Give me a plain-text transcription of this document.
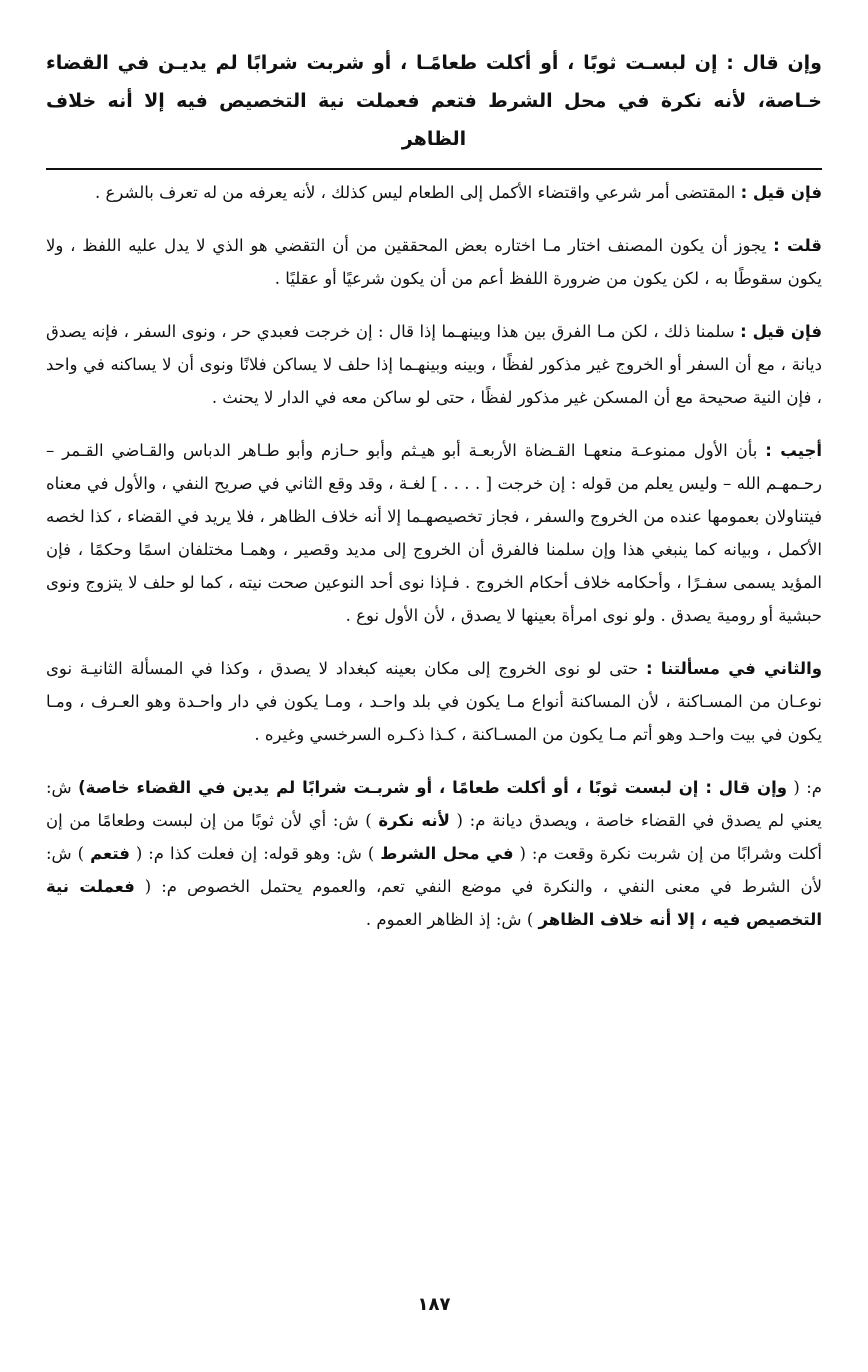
وإن قال : إن لبسـت ثوبًا ، أو أكلت طعامًـا ، أو شربت شرابًا لم يديـن في القضاء خـاصة، لأنه نكرة في محل الشرط فتعم فعملت نية التخصيص فيه إلا أنه خلاف الظاهر

فإن قيل : المقتضى أمر شرعي واقتضاء الأكمل إلى الطعام ليس كذلك ، لأنه يعرفه من له تعرف بالشرع .

قلت : يجوز أن يكون المصنف اختار مـا اختاره بعض المحققين من أن التقضي هو الذي لا يدل عليه اللفظ ، ولا يكون سقوطًا به ، لكن يكون من ضرورة اللفظ أعم من أن يكون شرعيًا أو عقليًا .

فإن قيل : سلمنا ذلك ، لكن مـا الفرق بين هذا وبينهـما إذا قال : إن خرجت فعبدي حر ، ونوى السفر ، فإنه يصدق ديانة ، مع أن السفر أو الخروج غير مذكور لفظًا ، وبينه وبينهـما إذا حلف لا يساكن فلانًا ونوى أن لا يساكنه في واحد ، فإن النية صحيحة مع أن المسكن غير مذكور لفظًا ، حتى لو ساكن معه في الدار لا يحنث .

أجيب : بأن الأول ممنوعـة منعهـا القـضاة الأربعـة أبو هيـثم وأبو حـازم وأبو طـاهر الدباس والقـاضي القـمر – رحـمهـم الله – وليس يعلم من قوله : إن خرجت [ . . . . ] لغـة ، وقد وقع الثاني في صريح النفي ، والأول في معناه فيتناولان بعمومها عنده من الخروج والسفر ، فجاز تخصيصهـما إلا أنه خلاف الظاهر ، فلا يريد في القضاء ، كذا لخصه الأكمل ، وبيانه كما ينبغي هذا وإن سلمنا فالفرق أن الخروج إلى مديد وقصير ، وهمـا مختلفان اسمًا وحكمًا ، فإن المؤيد يسمى سفـرًا ، وأحكامه خلاف أحكام الخروج . فـإذا نوى أحد النوعين صحت نيته ، كما لو حلف لا يتزوج ونوى حبشية أو رومية يصدق . ولو نوى امرأة بعينها لا يصدق ، لأن الأول نوع .

والثاني في مسألتنا : حتى لو نوى الخروج إلى مكان بعينه كبغداد لا يصدق ، وكذا في المسألة الثانيـة نوى نوعـان من المسـاكنة ، لأن المساكنة أنواع مـا يكون في بلد واحـد ، ومـا يكون في دار واحـدة وهو العـرف ، ومـا يكون في بيت واحـد وهو أتم مـا يكون من المسـاكنة ، كـذا ذكـره السرخسي وغيره .

م: ( وإن قال : إن لبست ثوبًا ، أو أكلت طعامًا ، أو شربـت شرابًا لم يدين في القضاء خاصة) ش: يعني لم يصدق في القضاء خاصة ، ويصدق ديانة م: ( لأنه نكرة ) ش: أي لأن ثوبًا من إن لبست وطعامًا من إن أكلت وشرابًا من إن شربت نكرة وقعت م: ( في محل الشرط ) ش: وهو قوله: إن فعلت كذا م: ( فتعم ) ش: لأن الشرط في معنى النفي ، والنكرة في موضع النفي تعم، والعموم يحتمل الخصوص م: ( فعملت نية التخصيص فيه ، إلا أنه خلاف الظاهر ) ش: إذ الظاهر العموم .

١٨٧
